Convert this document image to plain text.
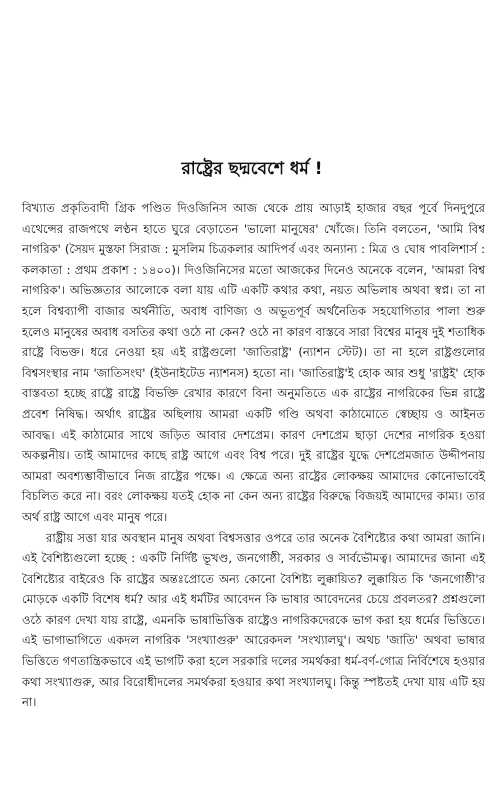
রাষ্ট্রের ছদ্মবেশে ধর্ম !

বিখ্যাত প্রকৃতিবাদী গ্রিক পণ্ডিত দিওজিনিস আজ থেকে প্রায় আড়াই হাজার বছর পূর্বে দিনদুপুরে এথেন্সের রাজপথে লণ্ঠন হাতে ঘুরে বেড়াতেন 'ভালো মানুষের' খোঁজে। তিনি বলতেন, 'আমি বিশ্ব নাগরিক' (সৈয়দ মুস্তফা সিরাজ : মুসলিম চিত্রকলার আদিপর্ব এবং অন্যান্য : মিত্র ও ঘোষ পাবলিশার্স : কলকাতা : প্রথম প্রকাশ : ১৪০০)। দিওজিনিসের মতো আজকের দিনেও অনেকে বলেন, 'আমরা বিশ্ব নাগরিক'। অভিজ্ঞতার আলোকে বলা যায় এটি একটি কথার কথা, নয়ত অভিলাষ অথবা স্বপ্ন। তা না হলে বিশ্বব্যাপী বাজার অর্থনীতি, অবাধ বাণিজ্য ও অভূতপূর্ব অর্থনৈতিক সহযোগিতার পালা শুরু হলেও মানুষের অবাধ বসতির কথা ওঠে না কেন? ওঠে না কারণ বাস্তবে সারা বিশ্বের মানুষ দুই শতাধিক রাষ্ট্রে বিভক্ত। ধরে নেওয়া হয় এই রাষ্ট্রগুলো 'জাতিরাষ্ট্র' (ন্যাশন স্টেট)। তা না হলে রাষ্ট্রগুলোর বিশ্বসংস্থার নাম 'জাতিসংঘ' (ইউনাইটেড ন্যাশনস) হতো না। 'জাতিরাষ্ট্র'ই হোক আর শুধু 'রাষ্ট্রই' হোক বাস্তবতা হচ্ছে রাষ্ট্রে রাষ্ট্রে বিভক্তি রেখার কারণে বিনা অনুমতিতে এক রাষ্ট্রের নাগরিকের ভিন্ন রাষ্ট্রে প্রবেশ নিষিদ্ধ। অর্থাৎ রাষ্ট্রের অছিলায় আমরা একটি গণ্ডি অথবা কাঠামোতে স্বেচ্ছায় ও আইনত আবদ্ধ। এই কাঠামোর সাথে জড়িত আবার দেশপ্রেম। কারণ দেশপ্রেম ছাড়া দেশের নাগরিক হওয়া অকল্পনীয়। তাই আমাদের কাছে রাষ্ট্র আগে এবং বিশ্ব পরে। দুই রাষ্ট্রের যুদ্ধে দেশপ্রেমজাত উদ্দীপনায় আমরা অবশ্যম্ভাবীভাবে নিজ রাষ্ট্রের পক্ষে। এ ক্ষেত্রে অন্য রাষ্ট্রের লোকক্ষয় আমাদের কোনোভাবেই বিচলিত করে না। বরং লোকক্ষয় যতই হোক না কেন অন্য রাষ্ট্রের বিরুদ্ধে বিজয়ই আমাদের কাম্য। তার অর্থ রাষ্ট্র আগে এবং মানুষ পরে।

রাষ্ট্রীয় সত্তা যার অবস্থান মানুষ অথবা বিশ্বসত্তার ওপরে তার অনেক বৈশিষ্ট্যের কথা আমরা জানি। এই বৈশিষ্ট্যগুলো হচ্ছে : একটি নির্দিষ্ট ভূখণ্ড, জনগোষ্ঠী, সরকার ও সার্বভৌমত্ব। আমাদের জানা এই বৈশিষ্ট্যের বাইরেও কি রাষ্ট্রের অন্তঃপ্রোতে অন্য কোনো বৈশিষ্ট্য লুক্কায়িত? লুক্কায়িত কি 'জনগোষ্ঠী'র মোড়কে একটি বিশেষ ধর্ম? আর এই ধর্মটির আবেদন কি ভাষার আবেদনের চেয়ে প্রবলতর? প্রশ্নগুলো ওঠে কারণ দেখা যায় রাষ্ট্রে, এমনকি ভাষাভিত্তিক রাষ্ট্রেও নাগরিকদেরকে ভাগ করা হয় ধর্মের ভিত্তিতে। এই ভাগাভাগিতে একদল নাগরিক 'সংখ্যাগুরু' আরেকদল 'সংখ্যালঘু'। অথচ 'জাতি' অথবা ভাষার ভিত্তিতে গণতান্ত্রিকভাবে এই ভাগটি করা হলে সরকারি দলের সমর্থকরা ধর্ম-বর্ণ-গোত্র নির্বিশেষে হওয়ার কথা সংখ্যাগুরু, আর বিরোধীদলের সমর্থকরা হওয়ার কথা সংখ্যালঘু। কিন্তু স্পষ্টতই দেখা যায় এটি হয় না।
